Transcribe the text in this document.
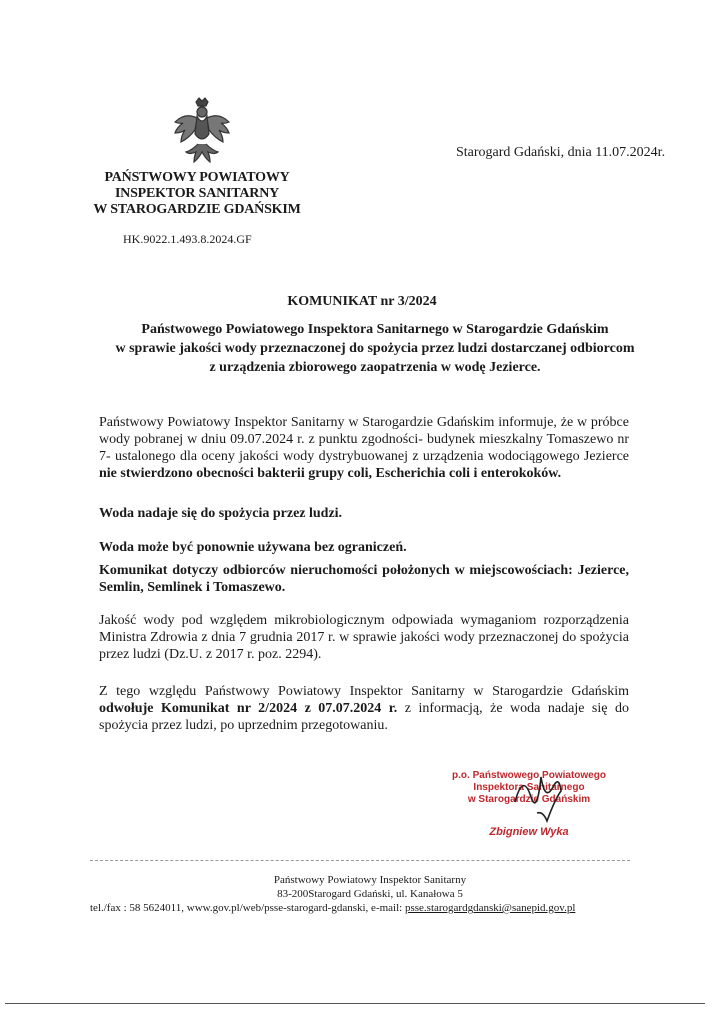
PAŃSTWOWY POWIATOWY
INSPEKTOR SANITARNY
W STAROGARDZIE GDAŃSKIM
Starogard Gdański, dnia 11.07.2024r.
HK.9022.1.493.8.2024.GF
KOMUNIKAT nr 3/2024
Państwowego Powiatowego Inspektora Sanitarnego w Starogardzie Gdańskim
w sprawie jakości wody przeznaczonej do spożycia przez ludzi dostarczanej odbiorcom
z urządzenia zbiorowego zaopatrzenia w wodę Jezierce.
Państwowy Powiatowy Inspektor Sanitarny w Starogardzie Gdańskim informuje, że w próbce wody pobranej w dniu 09.07.2024 r. z punktu zgodności- budynek mieszkalny Tomaszewo nr 7- ustalonego dla oceny jakości wody dystrybuowanej z urządzenia wodociągowego Jezierce nie stwierdzono obecności bakterii grupy coli, Escherichia coli i enterokoków.
Woda nadaje się do spożycia przez ludzi.
Woda może być ponownie używana bez ograniczeń.
Komunikat dotyczy odbiorców nieruchomości położonych w miejscowościach: Jezierce, Semlin, Semlinek i Tomaszewo.
Jakość wody pod względem mikrobiologicznym odpowiada wymaganiom rozporządzenia Ministra Zdrowia z dnia 7 grudnia 2017 r. w sprawie jakości wody przeznaczonej do spożycia przez ludzi (Dz.U. z 2017 r. poz. 2294).
Z tego względu Państwowy Powiatowy Inspektor Sanitarny w Starogardzie Gdańskim odwołuje Komunikat nr 2/2024 z 07.07.2024 r. z informacją, że woda nadaje się do spożycia przez ludzi, po uprzednim przegotowaniu.
p.o. Państwowego Powiatowego
Inspektora Sanitarnego
w Starogardzie Gdańskim
Zbigniew Wyka
Państwowy Powiatowy Inspektor Sanitarny
83-200Starogard Gdański, ul. Kanałowa 5
tel./fax : 58 5624011, www.gov.pl/web/psse-starogard-gdanski, e-mail: psse.starogardgdanski@sanepid.gov.pl
